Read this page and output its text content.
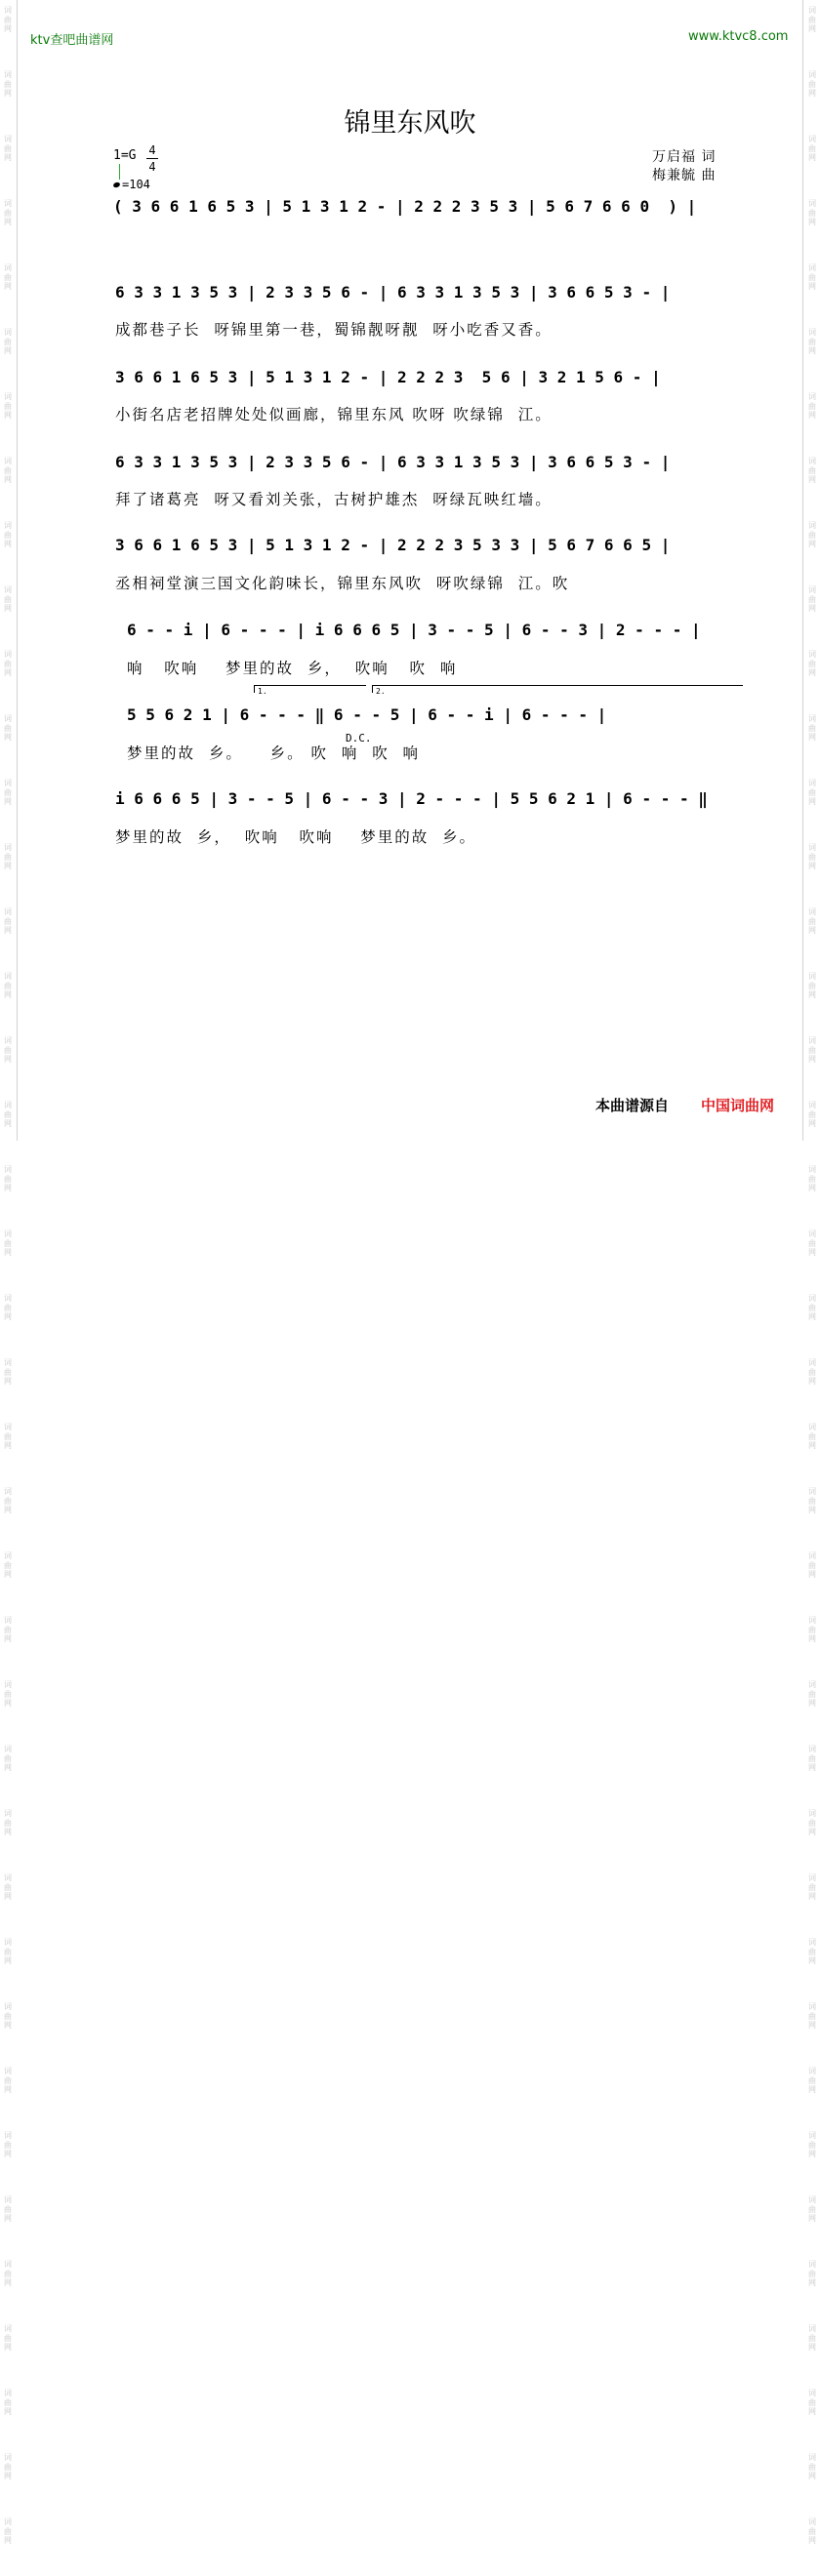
词
曲
网
词
曲
网
词
曲
网
词
曲
网
词
曲
网
词
曲
网
词
曲
网
词
曲
网
词
曲
网
词
曲
网
词
曲
网
词
曲
网
词
曲
网
词
曲
网
词
曲
网
词
曲
网
词
曲
网
词
曲
网
词
曲
网
词
曲
网
词
曲
网
词
曲
网
词
曲
网
词
曲
网
词
曲
网
词
曲
网
词
曲
网
词
曲
网
词
曲
网
词
曲
网
词
曲
网
词
曲
网
词
曲
网
词
曲
网
词
曲
网
词
曲
网
词
曲
网
词
曲
网
词
曲
网
词
曲
网
词
曲
网
词
曲
网
词
曲
网
词
曲
网
词
曲
网
词
曲
网
词
曲
网
词
曲
网
词
曲
网
词
曲
网
词
曲
网
词
曲
网
词
曲
网
词
曲
网
词
曲
网
词
曲
网
词
曲
网
词
曲
网
词
曲
网
词
曲
网
词
曲
网
词
曲
网
词
曲
网
词
曲
网
词
曲
网
词
曲
网
词
曲
网
词
曲
网
词
曲
网
词
曲
网
词
曲
网
词
曲
网
词
曲
网
词
曲
网
词
曲
网
词
曲
网
词
曲
网
词
曲
网
词
曲
网
词
曲
网
ktv查吧曲谱网	www.ktvc8.com
锦里东风吹
1=G 4
4
=104
万启福 词
梅兼毓 曲
( 3 6 6 1 6 5 3 | 5 1 3 1 2 - | 2 2 2 3 5 3 | 5 6 7 6 6 0  ) |
6 3 3 1 3 5 3 | 2 3 3 5 6 - | 6 3 3 1 3 5 3 | 3 6 6 5 3 - |
成都巷子长  呀锦里第一巷，蜀锦靓呀靓  呀小吃香又香。
3 6 6 1 6 5 3 | 5 1 3 1 2 - | 2 2 2 3  5 6 | 3 2 1 5 6 - |
小街名店老招牌处处似画廊，锦里东风 吹呀 吹绿锦  江。
6 3 3 1 3 5 3 | 2 3 3 5 6 - | 6 3 3 1 3 5 3 | 3 6 6 5 3 - |
拜了诸葛亮  呀又看刘关张，古树护雄杰  呀绿瓦映红墙。
3 6 6 1 6 5 3 | 5 1 3 1 2 - | 2 2 2 3 5 3 3 | 5 6 7 6 6 5 |
丞相祠堂演三国文化韵味长，锦里东风吹  呀吹绿锦  江。吹
6 - - i | 6 - - - | i 6 6 6 5 | 3 - - 5 | 6 - - 3 | 2 - - - |
响   吹响    梦里的故  乡，  吹响   吹  响
1.	2.
5 5 6 2 1 | 6 - - - ‖ 6 - - 5 | 6 - - i | 6 - - - |
D.C.
梦里的故  乡。    乡。 吹  响  吹  响
i 6 6 6 5 | 3 - - 5 | 6 - - 3 | 2 - - - | 5 5 6 2 1 | 6 - - - ‖
梦里的故  乡，  吹响   吹响    梦里的故  乡。
本曲谱源自 中国词曲网
